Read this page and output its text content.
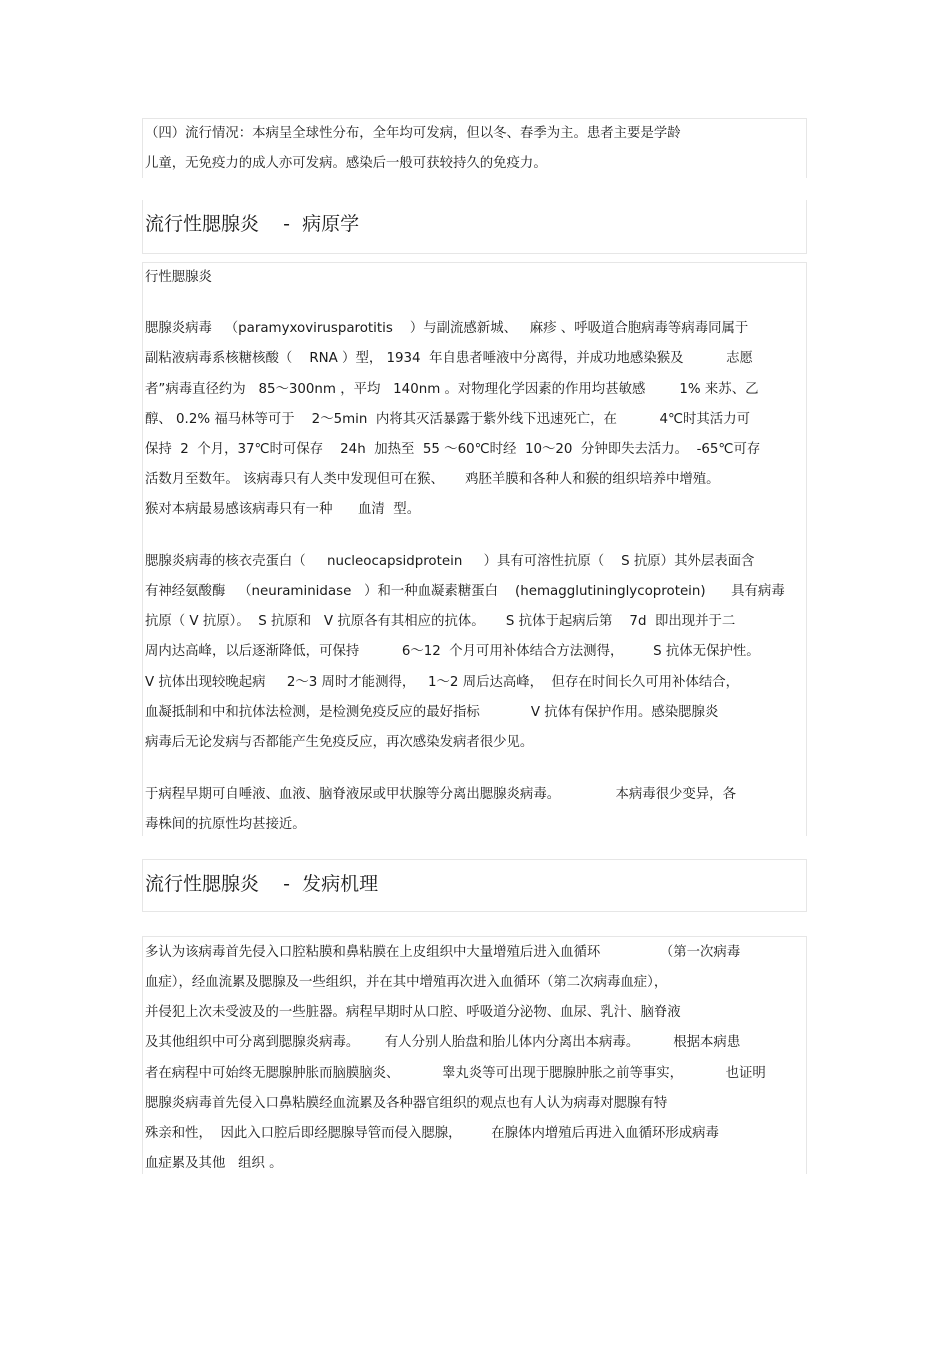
（四）流行情况：本病呈全球性分布，全年均可发病，但以冬、春季为主。患者主要是学龄
儿童，无免疫力的成人亦可发病。感染后一般可获较持久的免疫力。
流行性腮腺炎    -  病原学
行性腮腺炎
腮腺炎病毒   （paramyxovirusparotitis    ）与副流感新城、   麻疹 、呼吸道合胞病毒等病毒同属于
副粘液病毒系核糖核酸（    RNA ）型， 1934  年自患者唾液中分离得，并成功地感染猴及          志愿
者”病毒直径约为   85～300nm ，平均   140nm 。对物理化学因素的作用均甚敏感        1% 来苏、乙
醇、 0.2% 福马林等可于    2～5min  内将其灭活暴露于紫外线下迅速死亡，在          4℃时其活力可
保持  2  个月，37℃时可保存    24h  加热至  55 ～60℃时经  10～20  分钟即失去活力。  -65℃可存
活数月至数年。 该病毒只有人类中发现但可在猴、     鸡胚羊膜和各种人和猴的组织培养中增殖。
猴对本病最易感该病毒只有一种      血清  型。
腮腺炎病毒的核衣壳蛋白（     nucleocapsidprotein     ）具有可溶性抗原（    S 抗原）其外层表面含
有神经氨酸酶   （neuraminidase   ）和一种血凝素糖蛋白    (hemagglutininglycoprotein)      具有病毒
抗原（ V 抗原）。  S 抗原和   V 抗原各有其相应的抗体。     S 抗体于起病后第    7d  即出现并于二
周内达高峰，以后逐渐降低，可保持          6～12  个月可用补体结合方法测得，       S 抗体无保护性。
V 抗体出现较晚起病     2～3 周时才能测得，   1～2 周后达高峰，  但存在时间长久可用补体结合，
血凝抵制和中和抗体法检测，是检测免疫反应的最好指标            V 抗体有保护作用。感染腮腺炎
病毒后无论发病与否都能产生免疫反应，再次感染发病者很少见。
于病程早期可自唾液、血液、脑脊液尿或甲状腺等分离出腮腺炎病毒。             本病毒很少变异，各
毒株间的抗原性均甚接近。
流行性腮腺炎    -  发病机理
多认为该病毒首先侵入口腔粘膜和鼻粘膜在上皮组织中大量增殖后进入血循环              （第一次病毒
血症），经血流累及腮腺及一些组织，并在其中增殖再次进入血循环（第二次病毒血症），
并侵犯上次未受波及的一些脏器。病程早期时从口腔、呼吸道分泌物、血尿、乳汁、脑脊液
及其他组织中可分离到腮腺炎病毒。      有人分别人胎盘和胎儿体内分离出本病毒。        根据本病患
者在病程中可始终无腮腺肿胀而脑膜脑炎、          睾丸炎等可出现于腮腺肿胀之前等事实，          也证明
腮腺炎病毒首先侵入口鼻粘膜经血流累及各种器官组织的观点也有人认为病毒对腮腺有特
殊亲和性，  因此入口腔后即经腮腺导管而侵入腮腺，       在腺体内增殖后再进入血循环形成病毒
血症累及其他   组织 。
